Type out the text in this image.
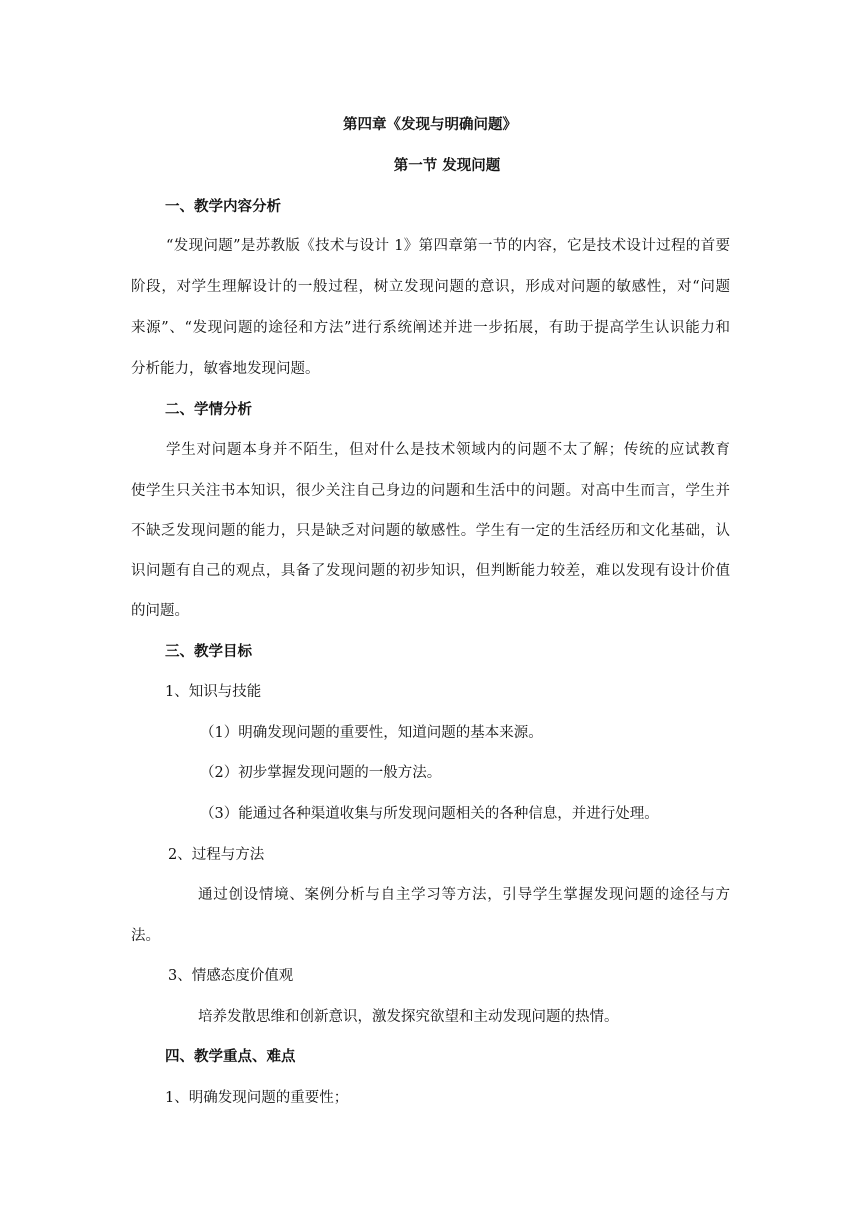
第四章《发现与明确问题》
第一节 发现问题
一、教学内容分析
“发现问题”是苏教版《技术与设计 1》第四章第一节的内容，它是技术设计过程的首要
阶段，对学生理解设计的一般过程，树立发现问题的意识，形成对问题的敏感性，对“问题
来源”、“发现问题的途径和方法”进行系统阐述并进一步拓展，有助于提高学生认识能力和
分析能力，敏睿地发现问题。
二、学情分析
学生对问题本身并不陌生，但对什么是技术领域内的问题不太了解；传统的应试教育
使学生只关注书本知识，很少关注自己身边的问题和生活中的问题。对高中生而言，学生并
不缺乏发现问题的能力，只是缺乏对问题的敏感性。学生有一定的生活经历和文化基础，认
识问题有自己的观点，具备了发现问题的初步知识，但判断能力较差，难以发现有设计价值
的问题。
三、教学目标
1、知识与技能
（1）明确发现问题的重要性，知道问题的基本来源。
（2）初步掌握发现问题的一般方法。
（3）能通过各种渠道收集与所发现问题相关的各种信息，并进行处理。
2、过程与方法
通过创设情境、案例分析与自主学习等方法，引导学生掌握发现问题的途径与方
法。
3、情感态度价值观
培养发散思维和创新意识，激发探究欲望和主动发现问题的热情。
四、教学重点、难点
1、明确发现问题的重要性；
